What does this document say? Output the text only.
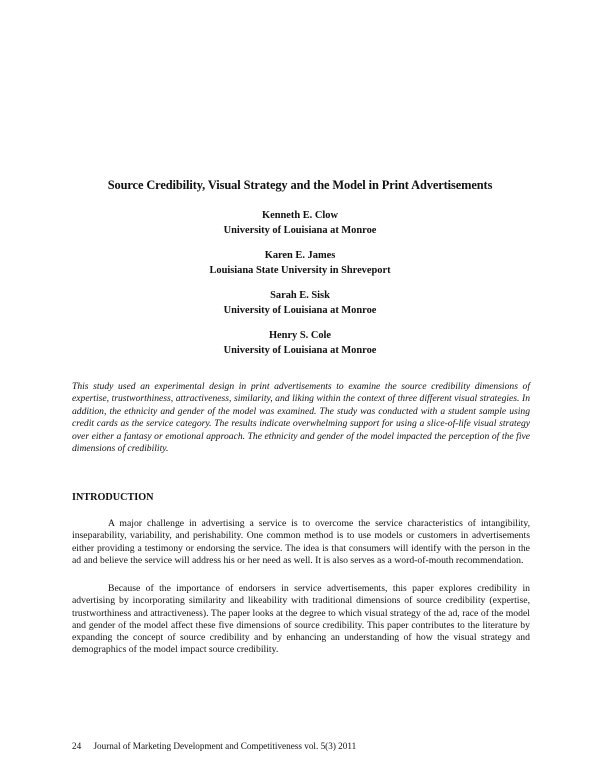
Source Credibility, Visual Strategy and the Model in Print Advertisements
Kenneth E. Clow
University of Louisiana at Monroe
Karen E. James
Louisiana State University in Shreveport
Sarah E. Sisk
University of Louisiana at Monroe
Henry S. Cole
University of Louisiana at Monroe

This study used an experimental design in print advertisements to examine the source credibility dimensions of expertise, trustworthiness, attractiveness, similarity, and liking within the context of three different visual strategies. In addition, the ethnicity and gender of the model was examined. The study was conducted with a student sample using credit cards as the service category. The results indicate overwhelming support for using a slice-of-life visual strategy over either a fantasy or emotional approach. The ethnicity and gender of the model impacted the perception of the five dimensions of credibility.

INTRODUCTION

A major challenge in advertising a service is to overcome the service characteristics of intangibility, inseparability, variability, and perishability. One common method is to use models or customers in advertisements either providing a testimony or endorsing the service. The idea is that consumers will identify with the person in the ad and believe the service will address his or her need as well. It is also serves as a word-of-mouth recommendation.

Because of the importance of endorsers in service advertisements, this paper explores credibility in advertising by incorporating similarity and likeability with traditional dimensions of source credibility (expertise, trustworthiness and attractiveness). The paper looks at the degree to which visual strategy of the ad, race of the model and gender of the model affect these five dimensions of source credibility. This paper contributes to the literature by expanding the concept of source credibility and by enhancing an understanding of how the visual strategy and demographics of the model impact source credibility.

24 Journal of Marketing Development and Competitiveness vol. 5(3) 2011
